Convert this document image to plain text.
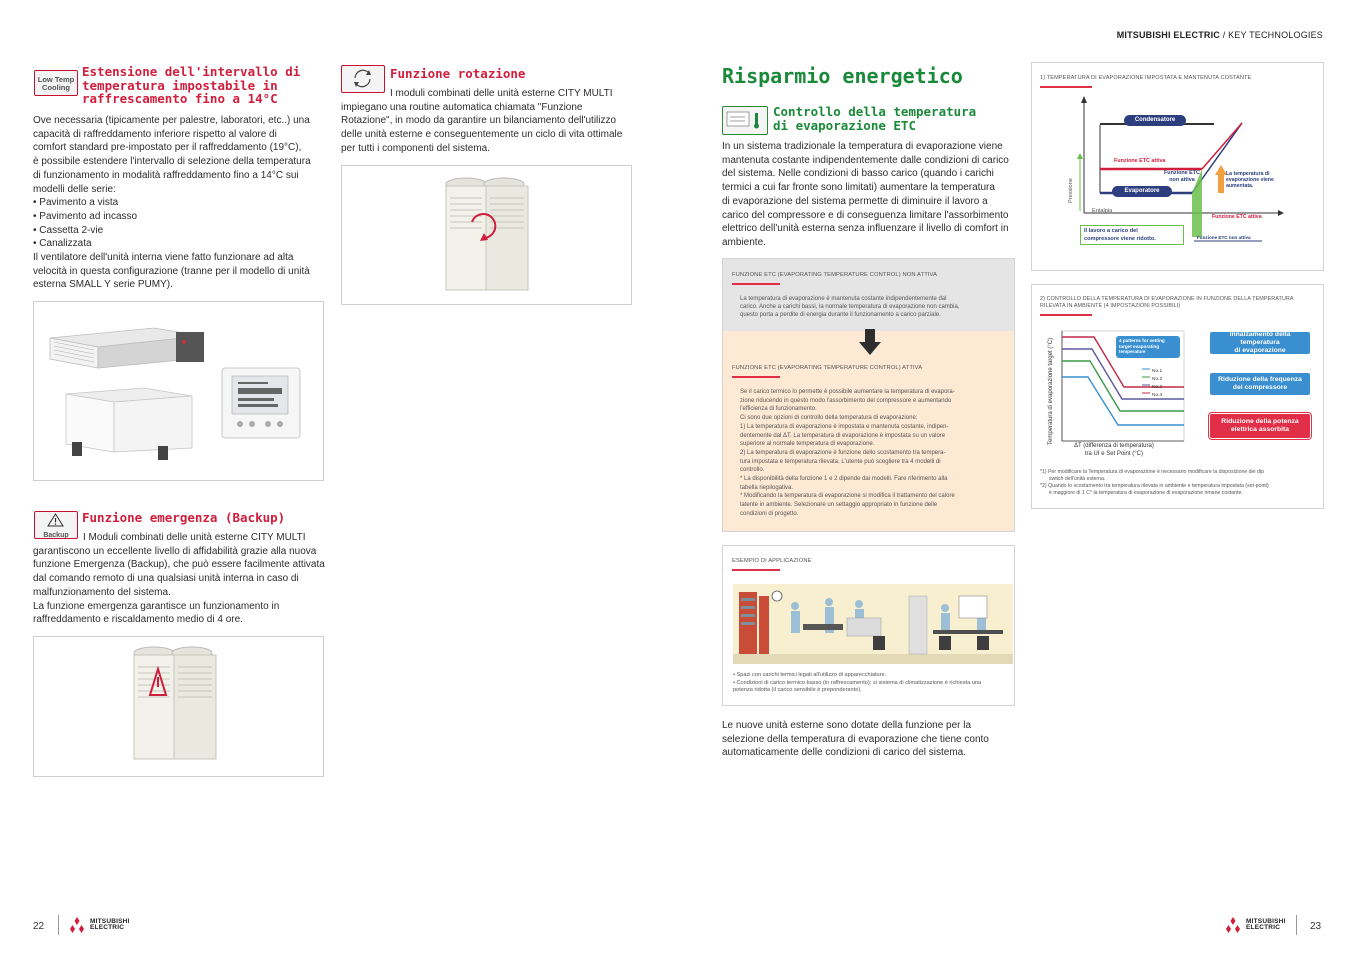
MITSUBISHI ELECTRIC / KEY TECHNOLOGIES
Low Temp
Cooling
Estensione dell'intervallo di
temperatura impostabile in
raffrescamento fino a 14°C
Ove necessaria (tipicamente per palestre, laboratori, etc..) una
capacità di raffreddamento inferiore rispetto al valore di
comfort standard pre-impostato per il raffreddamento (19°C),
è possibile estendere l'intervallo di selezione della temperatura
di funzionamento in modalità raffreddamento fino a 14°C sui
modelli delle serie:
• Pavimento a vista
• Pavimento ad incasso
• Cassetta 2-vie
• Canalizzata
Il ventilatore dell'unità interna viene fatto funzionare ad alta
velocità in questa configurazione (tranne per il modello di unità
esterna SMALL Y serie PUMY).
Backup
Funzione emergenza (Backup)
I Moduli combinati delle unità esterne CITY MULTI
garantiscono un eccellente livello di affidabilità grazie alla nuova
funzione Emergenza (Backup), che può essere facilmente attivata
dal comando remoto di una qualsiasi unità interna in caso di
malfunzionamento del sistema.
La funzione emergenza garantisce un funzionamento in
raffreddamento e riscaldamento medio di 4 ore.
Funzione rotazione
I moduli combinati delle unità esterne CITY MULTI
impiegano una routine automatica chiamata "Funzione
Rotazione", in modo da garantire un bilanciamento dell'utilizzo
delle unità esterne e conseguentemente un ciclo di vita ottimale
per tutti i componenti del sistema.
22	MITSUBISHI
ELECTRIC
Risparmio energetico
Controllo della temperatura
di evaporazione ETC
In un sistema tradizionale la temperatura di evaporazione viene
mantenuta costante indipendentemente dalle condizioni di carico
del sistema. Nelle condizioni di basso carico (quando i carichi
termici a cui far fronte sono limitati) aumentare la temperatura
di evaporazione del sistema permette di diminuire il lavoro a
carico del compressore e di conseguenza limitare l'assorbimento
elettrico dell'unità esterna senza influenzare il livello di comfort in
ambiente.
FUNZIONE ETC (EVAPORATING TEMPERATURE CONTROL) NON ATTIVA
La temperatura di evaporazione è mantenuta costante indipendentemente dal
carico. Anche a carichi bassi, la normale temperatura di evaporazione non cambia,
questo porta a perdite di energia durante il funzionamento a carico parziale.
FUNZIONE ETC (EVAPORATING TEMPERATURE CONTROL) ATTIVA
Se il carico termico lo permette è possibile aumentare la temperatura di evapora-
zione riducendo in questo modo l'assorbimento del compressore e aumentando
l'efficienza di funzionamento.
Ci sono due opzioni di controllo della temperatura di evaporazione:
1) La temperatura di evaporazione è impostata e mantenuta costante, indipen-
dentemente dal ΔT. La temperatura di evaporazione è impostata su un valore
superiore al normale temperatura di evaporazione.
2) La temperatura di evaporazione è funzione dello scostamento tra tempera-
tura impostata e temperatura rilevata. L'utente può scegliere tra 4 modelli di
controllo.
* La disponibilità della funzione 1 e 2 dipende dai modelli. Fare riferimento alla
tabella riepilogativa.
* Modificando la temperatura di evaporazione si modifica il trattamento del calore
latente in ambiente. Selezionare un settaggio appropriato in funzione delle
condizioni di progetto.
ESEMPIO DI APPLICAZIONE
• Spazi con carichi termici legati all'utilizzo di apparecchiature.
• Condizioni di carico termico basso (in raffrescamento); si sistema di climatizzazione è richiesta una
potenza ridotta (il carico sensibile è preponderante).
Le nuove unità esterne sono dotate della funzione per la
selezione della temperatura di evaporazione che tiene conto
automaticamente delle condizioni di carico del sistema.
1) TEMPERATURA DI EVAPORAZIONE IMPOSTATA E MANTENUTA COSTANTE
Condensatore
Evaporatore
Pressione
Entalpia
Funzione ETC attiva
Funzione ETC
non attiva
La temperatura di
evaporazione viene
aumentata.
Funzione ETC attiva
Il lavoro a carico del
compressore viene ridotto.	Funzione ETC non attiva
2) CONTROLLO DELLA TEMPERATURA DI EVAPORAZIONE IN FUNZIONE DELLA TEMPERATURA
RILEVATA IN AMBIENTE (4 IMPOSTAZIONI POSSIBILI)
Temperatura di evaporazione target (°C)
ΔT (differenza di temperatura)
tra UI e Set Point (°C)
4 patterns for setting
target evaporating
temperature
No.1
No.2
No.3
No.4
Innalzamento della temperatura
di evaporazione
Riduzione della frequenza
del compressore
Riduzione della potenza
elettrica assorbita
*1) Per modificare la Temperatura di evaporazione è necessario modificare la disposizione dei dip
switch dell'unità esterna.
*2) Quando lo scostamento tra temperatura rilevata in ambiente e temperatura impostata (set-point)
è maggiore di 1 C° la temperatura di evaporazione di evaporazione rimane costante.
MITSUBISHI
ELECTRIC	23
